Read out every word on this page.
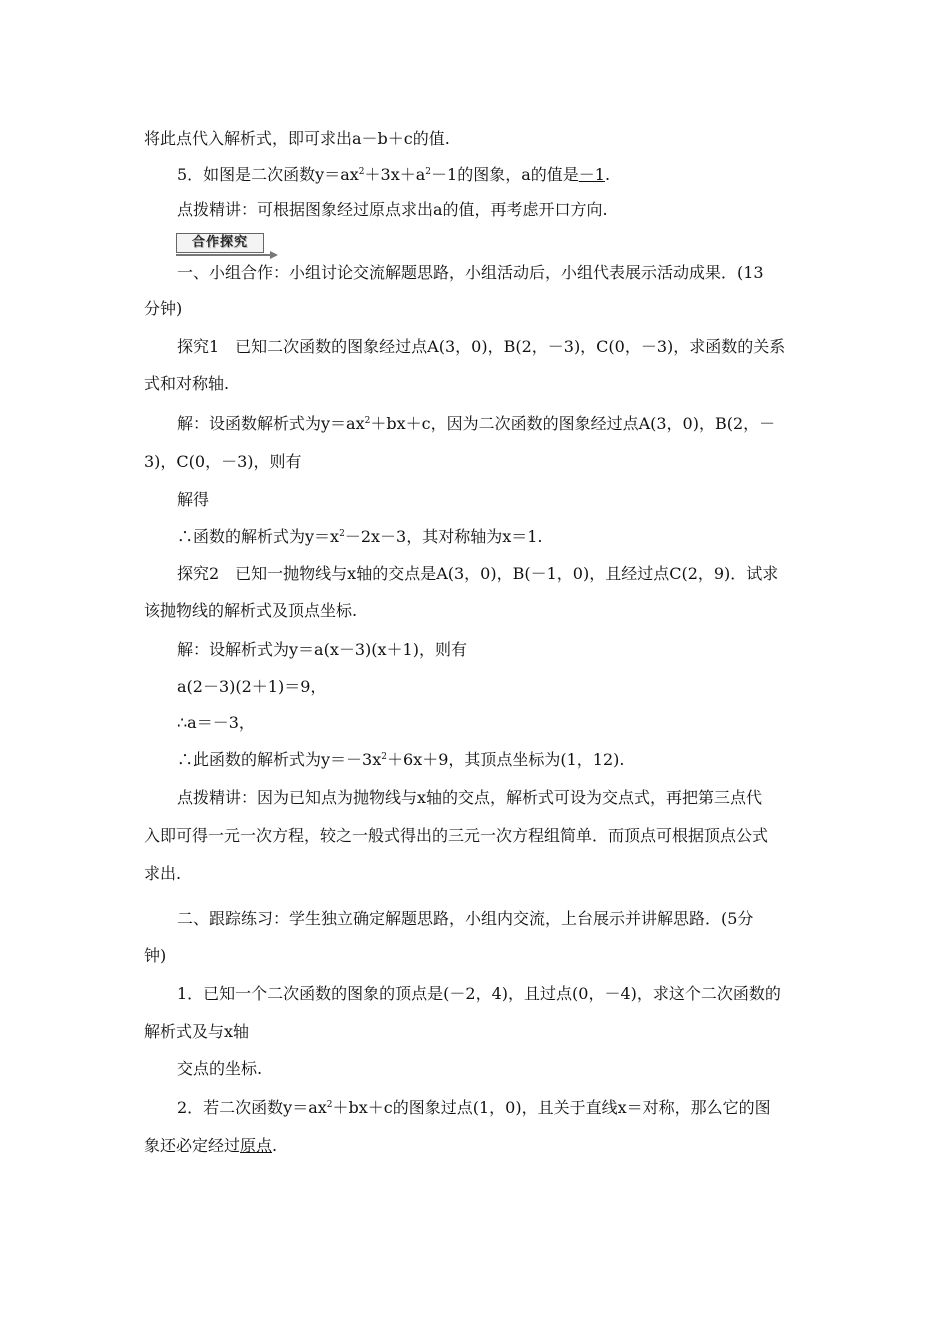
将此点代入解析式，即可求出a－b＋c的值.
5．如图是二次函数$y=ax^2+3x+a^2-1$的图象，a的值是－1.
点拨精讲：可根据图象经过原点求出a的值，再考虑开口方向.
合作探究
一、小组合作：小组讨论交流解题思路，小组活动后，小组代表展示活动成果．(13
分钟)
探究1　已知二次函数的图象经过点A(3，0)，B(2，－3)，C(0，－3)，求函数的关系
式和对称轴.
解：设函数解析式为$y=ax^2+bx+c$，因为二次函数的图象经过点A(3，0)，B(2，－
3)，C(0，－3)，则有
解得
∴函数的解析式为$y=x^2-2x-3$，其对称轴为x＝1.
探究2　已知一抛物线与x轴的交点是A(3，0)，B(－1，0)，且经过点C(2，9)．试求
该抛物线的解析式及顶点坐标.
解：设解析式为y＝a(x－3)(x＋1)，则有
a(2－3)(2＋1)＝9，
∴a＝－3，
∴此函数的解析式为$y=-3x^2+6x+9$，其顶点坐标为(1，12).
点拨精讲：因为已知点为抛物线与x轴的交点，解析式可设为交点式，再把第三点代
入即可得一元一次方程，较之一般式得出的三元一次方程组简单．而顶点可根据顶点公式
求出.
二、跟踪练习：学生独立确定解题思路，小组内交流，上台展示并讲解思路．(5分
钟)
1．已知一个二次函数的图象的顶点是(－2，4)，且过点(0，－4)，求这个二次函数的
解析式及与x轴
交点的坐标.
2．若二次函数$y=ax^2+bx+c$的图象过点(1，0)，且关于直线x＝对称，那么它的图
象还必定经过原点.
